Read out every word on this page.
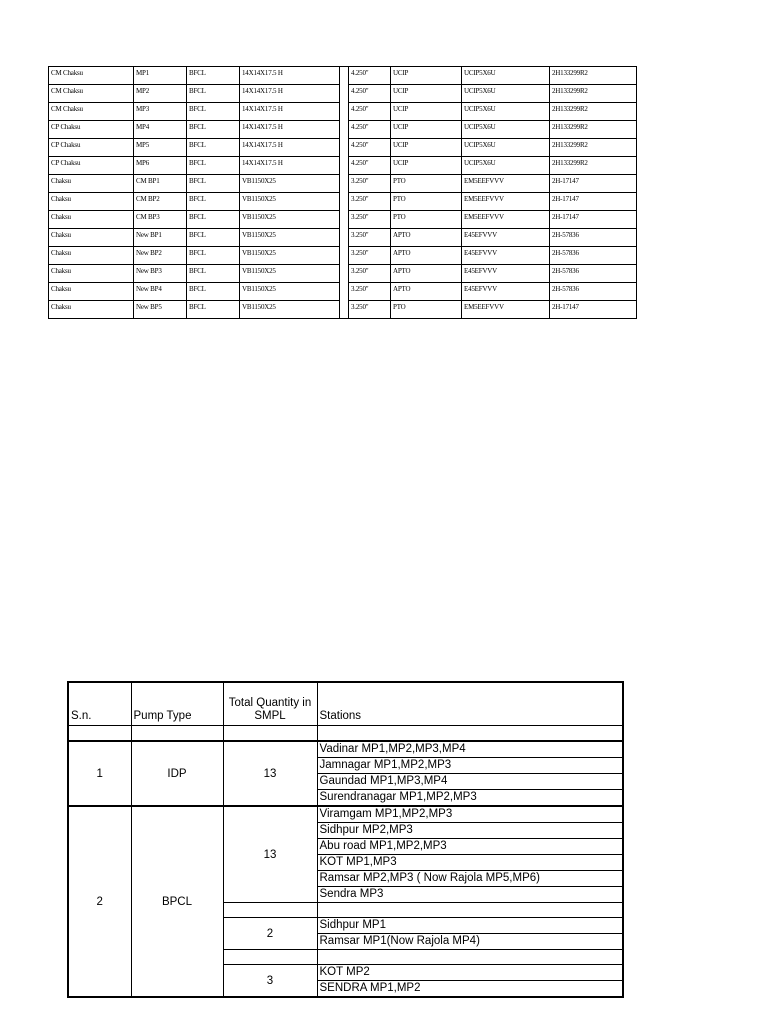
CM Chaksu	MP1	BFCL	14X14X17.5 H		4.250"	UCIP	UCIP5X6U	2H133299R2
CM Chaksu	MP2	BFCL	14X14X17.5 H		4.250"	UCIP	UCIP5X6U	2H133299R2
CM Chaksu	MP3	BFCL	14X14X17.5 H		4.250"	UCIP	UCIP5X6U	2H133299R2
CP Chaksu	MP4	BFCL	14X14X17.5 H		4.250"	UCIP	UCIP5X6U	2H133299R2
CP Chaksu	MP5	BFCL	14X14X17.5 H		4.250"	UCIP	UCIP5X6U	2H133299R2
CP Chaksu	MP6	BFCL	14X14X17.5 H		4.250"	UCIP	UCIP5X6U	2H133299R2
Chaksu	CM BP1	BFCL	VB1150X25		3.250"	PTO	EM5EEFVVV	2H-17147
Chaksu	CM BP2	BFCL	VB1150X25		3.250"	PTO	EM5EEFVVV	2H-17147
Chaksu	CM BP3	BFCL	VB1150X25		3.250"	PTO	EM5EEFVVV	2H-17147
Chaksu	New BP1	BFCL	VB1150X25		3.250"	APTO	E45EFVVV	2H-57836
Chaksu	New BP2	BFCL	VB1150X25		3.250"	APTO	E45EFVVV	2H-57836
Chaksu	New BP3	BFCL	VB1150X25		3.250"	APTO	E45EFVVV	2H-57836
Chaksu	New BP4	BFCL	VB1150X25		3.250"	APTO	E45EFVVV	2H-57836
Chaksu	New BP5	BFCL	VB1150X25		3.250"	PTO	EM5EEFVVV	2H-17147
S.n.	Pump Type	Total Quantity in SMPL	Stations

1	IDP	13	Vadinar MP1,MP2,MP3,MP4
			Jamnagar MP1,MP2,MP3
			Gaundad MP1,MP3,MP4
			Surendranagar MP1,MP2,MP3
2	BPCL	13	Viramgam MP1,MP2,MP3
			Sidhpur MP2,MP3
			Abu road MP1,MP2,MP3
			KOT MP1,MP3
			Ramsar MP2,MP3 ( Now Rajola MP5,MP6)
			Sendra MP3

		2	Sidhpur MP1
			Ramsar MP1(Now Rajola MP4)

		3	KOT MP2
			SENDRA MP1,MP2
